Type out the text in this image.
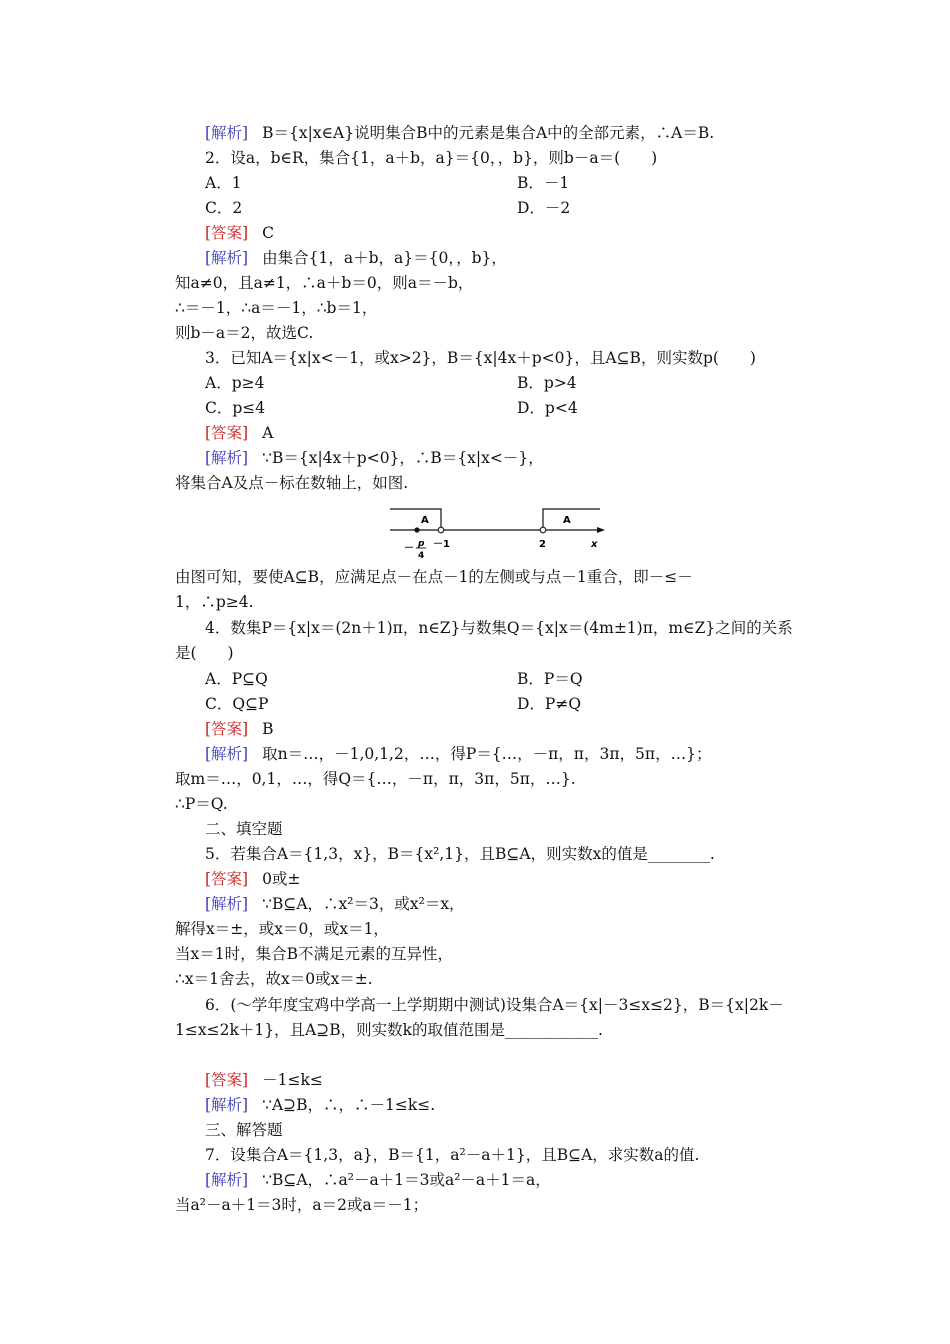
[解析] B＝{x|x∈A}说明集合B中的元素是集合A中的全部元素，∴A＝B.
2．设a，b∈R，集合{1，a＋b，a}＝{0，，b}，则b－a＝(　　)
A．1	B．－1
C．2	D．－2
[答案] C
[解析] 由集合{1，a＋b，a}＝{0，，b}，
知a≠0，且a≠1，∴a＋b＝0，则a＝－b，
∴＝－1，∴a＝－1，∴b＝1，
则b－a＝2，故选C.
3．已知A＝{x|x<－1，或x>2}，B＝{x|4x＋p<0}，且A⊆B，则实数p(　　)
A．p≥4	B．p>4
C．p≤4	D．p<4
[答案] A
[解析] ∵B＝{x|4x＋p<0}，∴B＝{x|x<－}，
将集合A及点－标在数轴上，如图.
由图可知，要使A⊆B，应满足点－在点－1的左侧或与点－1重合，即－≤－
1，∴p≥4.
4．数集P＝{x|x＝(2n＋1)π，n∈Z}与数集Q＝{x|x＝(4m±1)π，m∈Z}之间的关系
是(　　)
A．P⊆Q	B．P＝Q
C．Q⊆P	D．P≠Q
[答案] B
[解析] 取n＝…，－1,0,1,2，…，得P＝{…，－π，π，3π，5π，…}；
取m＝…，0,1，…，得Q＝{…，－π，π，3π，5π，…}.
∴P＝Q.
二、填空题
5．若集合A＝{1,3，x}，B＝{x²,1}，且B⊆A，则实数x的值是________.
[答案] 0或±
[解析] ∵B⊆A，∴x²＝3，或x²＝x，
解得x＝±，或x＝0，或x＝1，
当x＝1时，集合B不满足元素的互异性，
∴x＝1舍去，故x＝0或x＝±.
6．(～学年度宝鸡中学高一上学期期中测试)设集合A＝{x|－3≤x≤2}，B＝{x|2k－
1≤x≤2k＋1}，且A⊇B，则实数k的取值范围是____________.
[答案] －1≤k≤
[解析] ∵A⊇B，∴，∴－1≤k≤.
三、解答题
7．设集合A＝{1,3，a}，B＝{1，a²－a＋1}，且B⊆A，求实数a的值.
[解析] ∵B⊆A，∴a²－a＋1＝3或a²－a＋1＝a，
当a²－a＋1＝3时，a＝2或a＝－1；
A	A
－ p
4
－1	2	x
